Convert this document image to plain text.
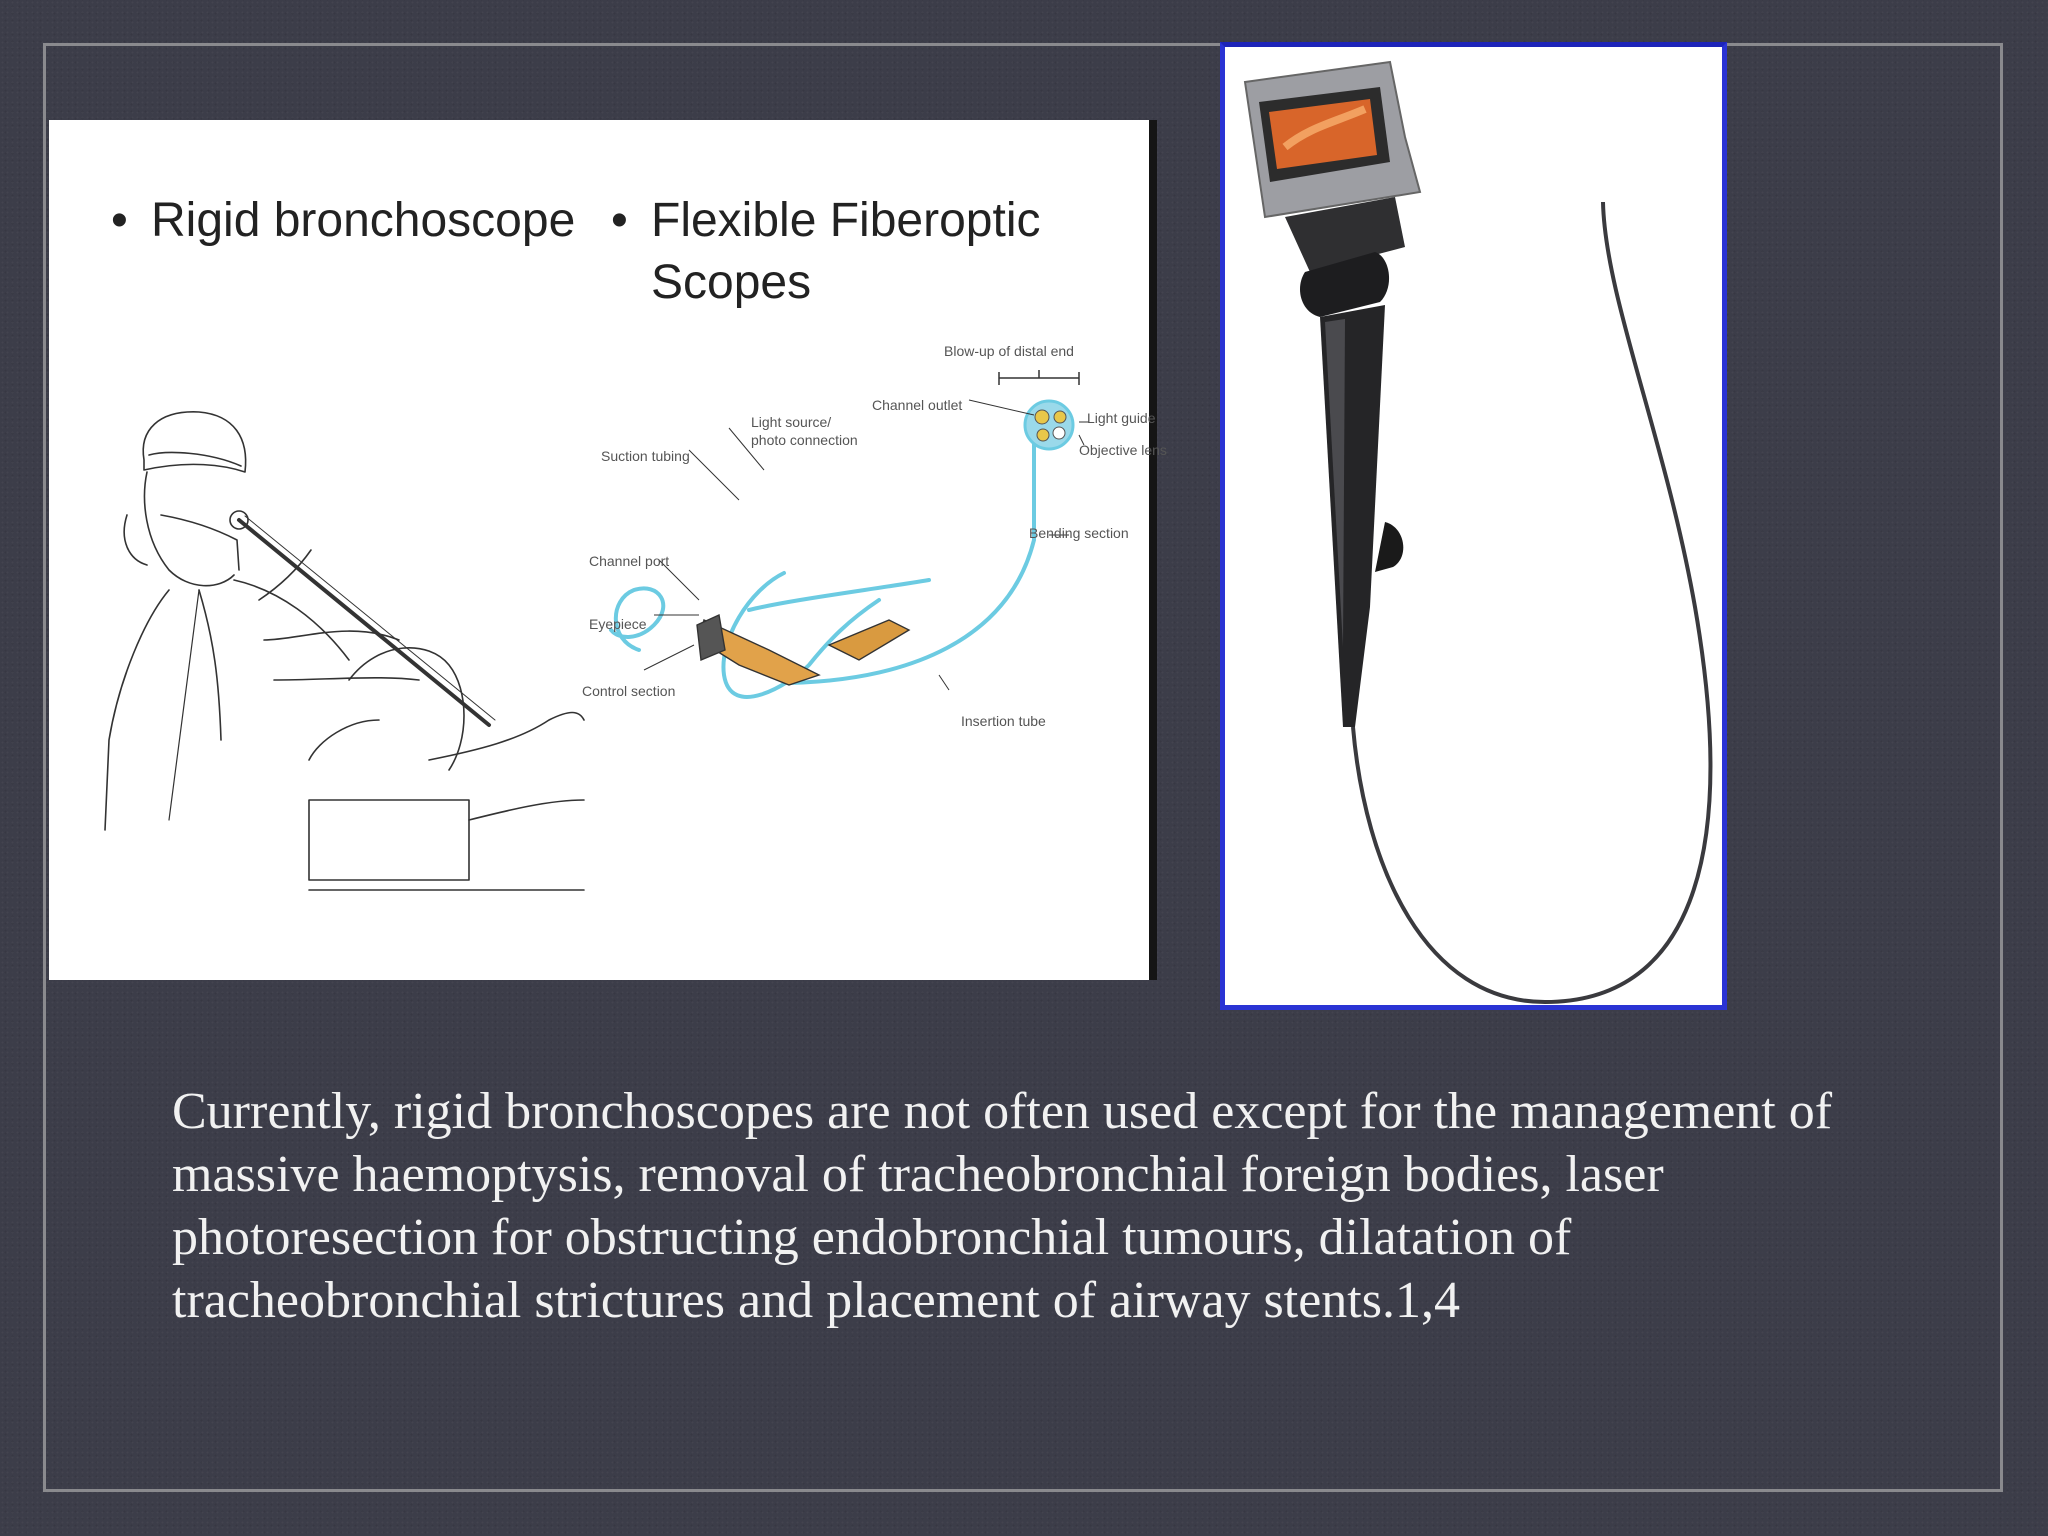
• Rigid bronchoscope • Flexible Fiberoptic
Scopes
Blow-up of distal end
Channel outlet
Light guide
Objective lens
Light source/
photo connection
Suction tubing
Bending section
Channel port
Eyepiece
Control section
Insertion tube
Currently, rigid bronchoscopes are not often used except for the management of massive haemoptysis, removal of tracheobronchial foreign bodies, laser photoresection for obstructing endobronchial tumours, dilatation of tracheobronchial strictures and placement of airway stents.1,4
